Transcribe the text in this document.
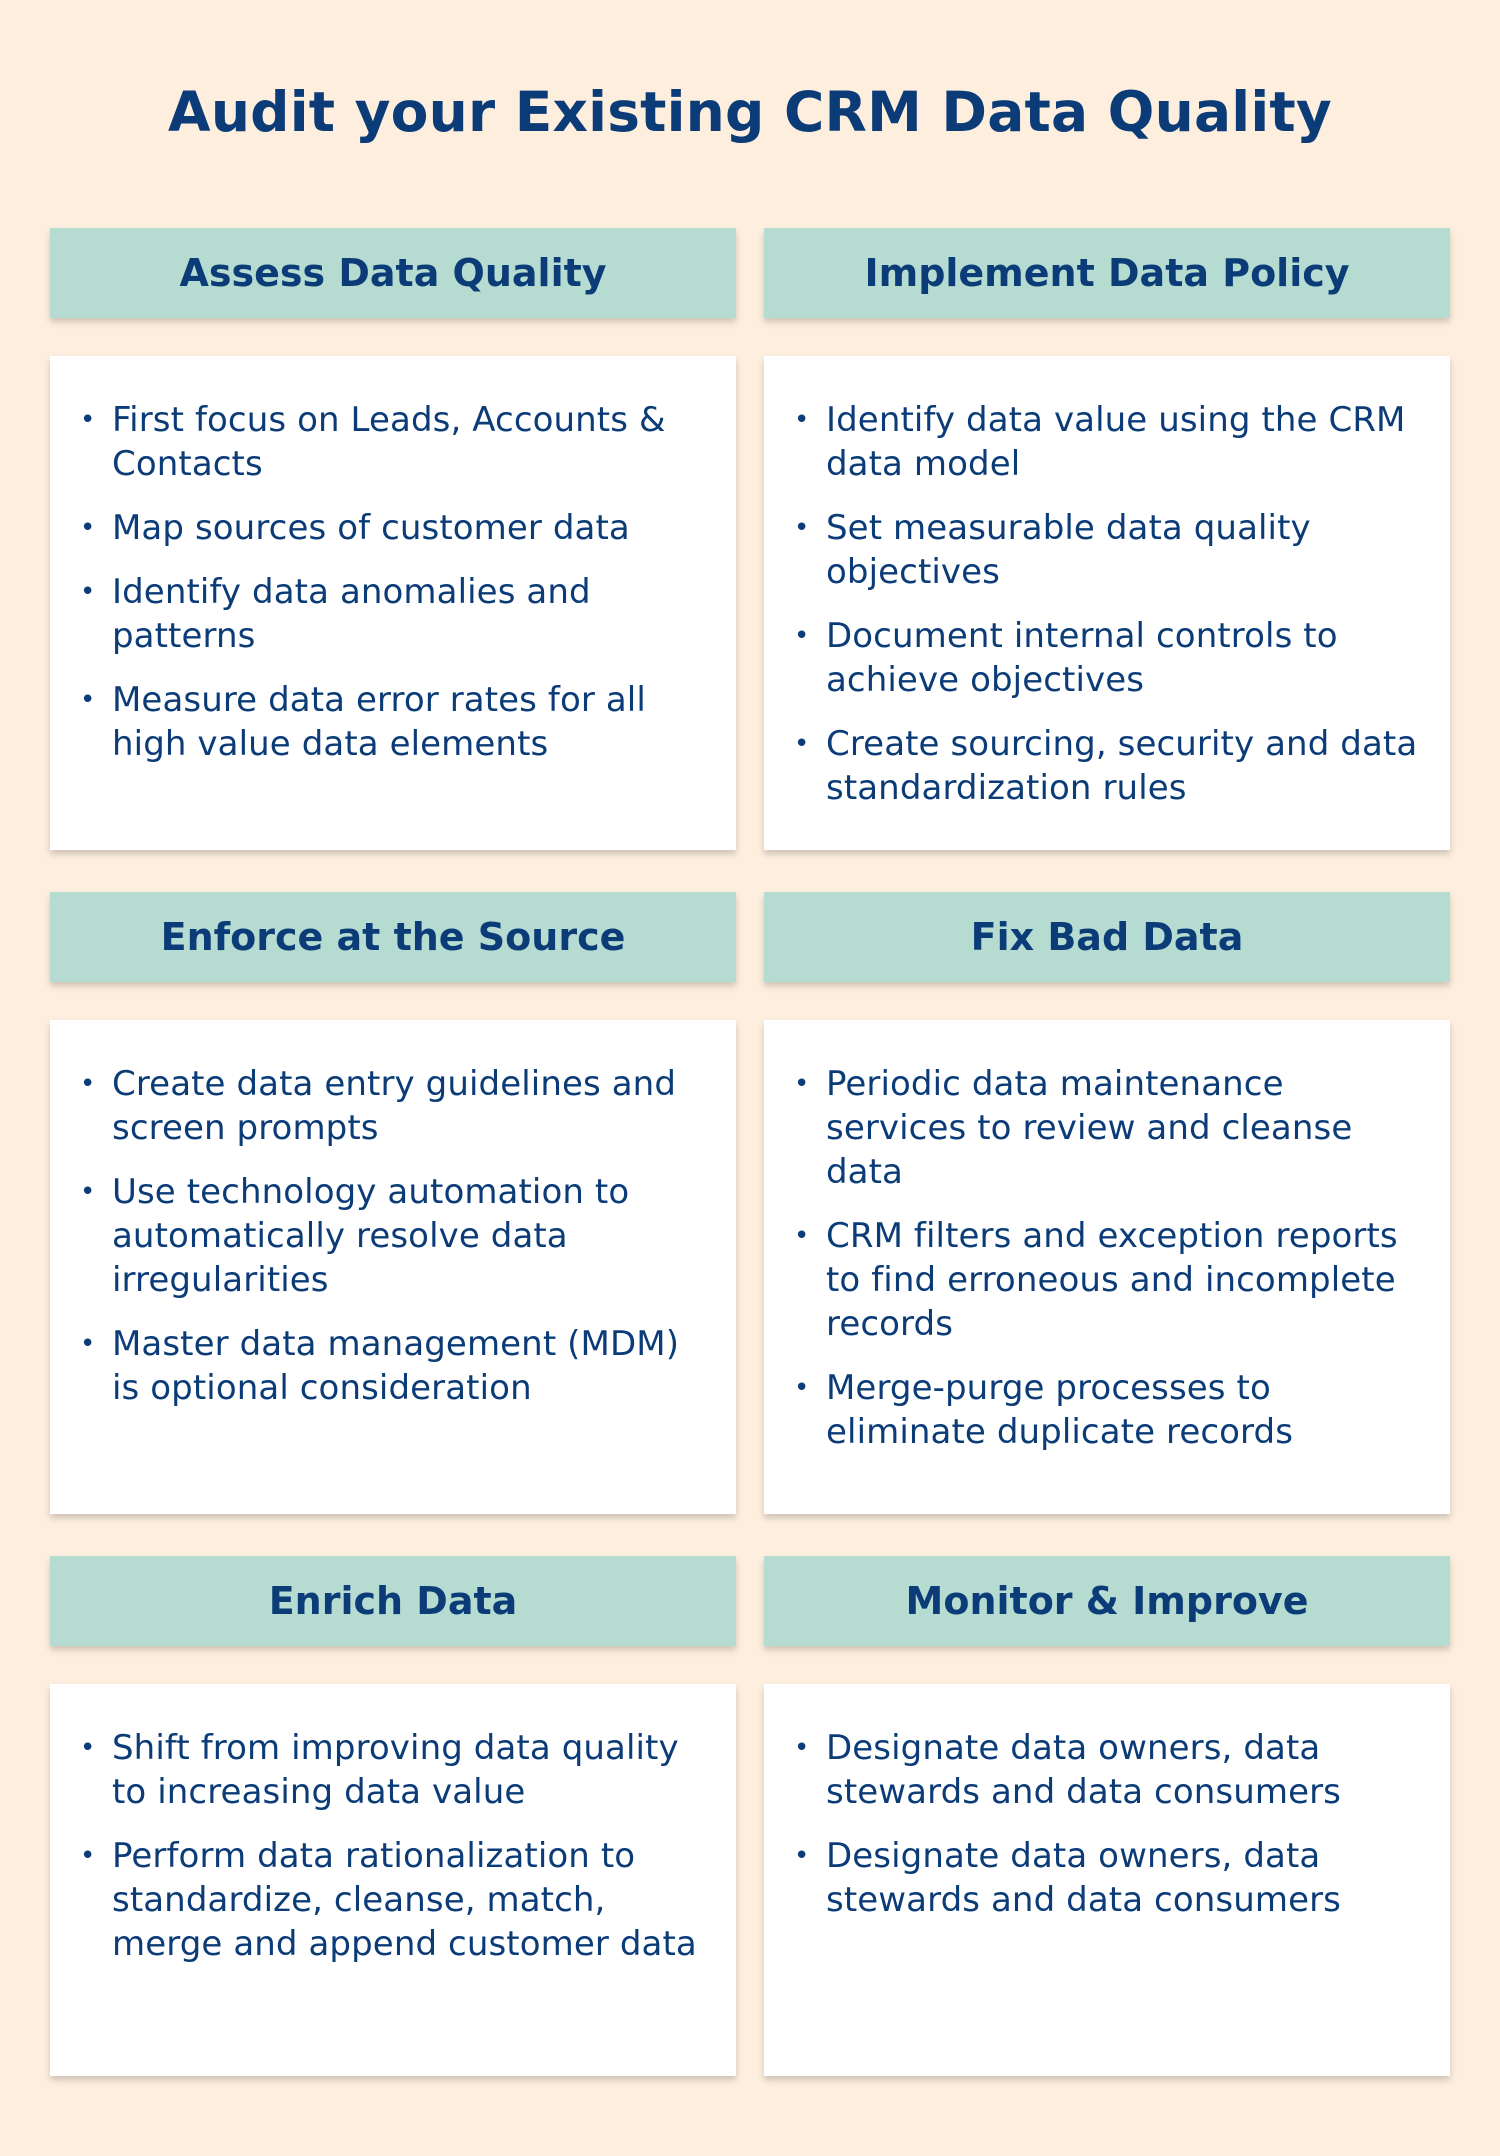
Audit your Existing CRM Data Quality
Assess Data Quality
• First focus on Leads, Accounts & Contacts
• Map sources of customer data
• Identify data anomalies and patterns
• Measure data error rates for all high value data elements
Implement Data Policy
• Identify data value using the CRM data model
• Set measurable data quality objectives
• Document internal controls to achieve objectives
• Create sourcing, security and data standardization rules
Enforce at the Source
• Create data entry guidelines and screen prompts
• Use technology automation to automatically resolve data irregularities
• Master data management (MDM) is optional consideration
Fix Bad Data
• Periodic data maintenance services to review and cleanse data
• CRM filters and exception reports to find erroneous and incomplete records
• Merge-purge processes to eliminate duplicate records
Enrich Data
• Shift from improving data quality to increasing data value
• Perform data rationalization to standardize, cleanse, match, merge and append customer data
Monitor & Improve
• Designate data owners, data stewards and data consumers
• Designate data owners, data stewards and data consumers
